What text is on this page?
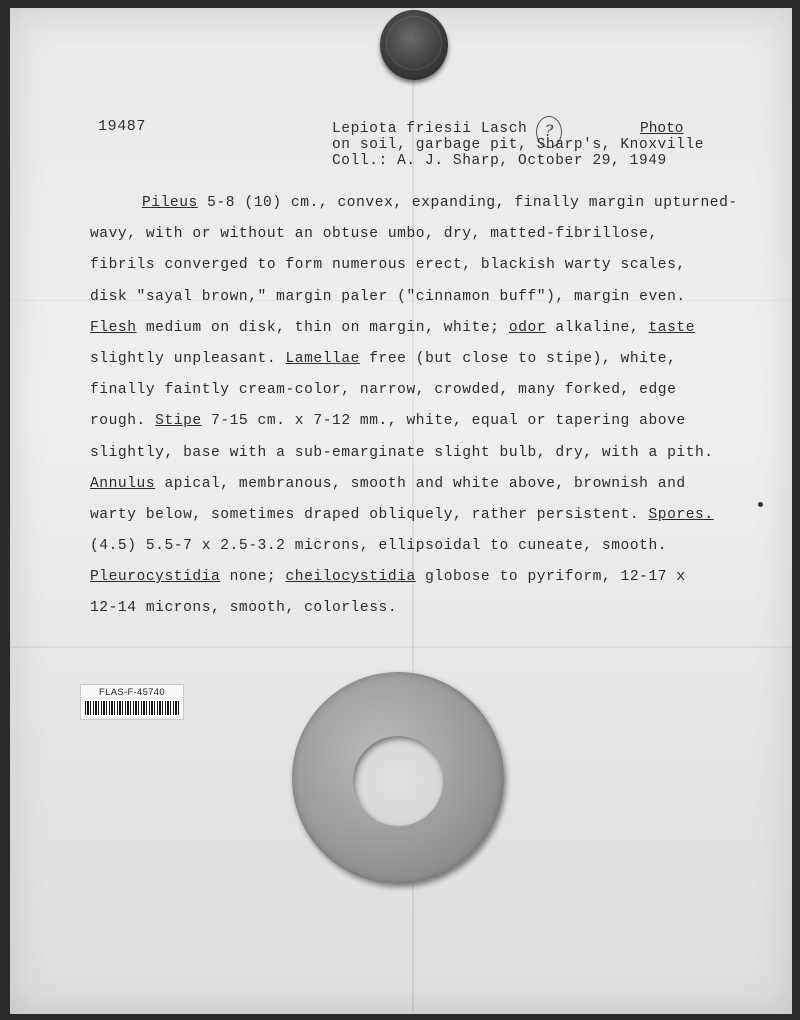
19487	Lepiota friesii Lasch	?	Photo
on soil, garbage pit, Sharp's, Knoxville
Coll.: A. J. Sharp, October 29, 1949
Pileus 5-8 (10) cm., convex, expanding, finally margin upturned-
wavy, with or without an obtuse umbo, dry, matted-fibrillose,
fibrils converged to form numerous erect, blackish warty scales,
disk "sayal brown," margin paler ("cinnamon buff"), margin even.
Flesh medium on disk, thin on margin, white; odor alkaline, taste
slightly unpleasant. Lamellae free (but close to stipe), white,
finally faintly cream-color, narrow, crowded, many forked, edge
rough. Stipe 7-15 cm. x 7-12 mm., white, equal or tapering above
slightly, base with a sub-emarginate slight bulb, dry, with a pith.
Annulus apical, membranous, smooth and white above, brownish and
warty below, sometimes draped obliquely, rather persistent. Spores.
(4.5) 5.5-7 x 2.5-3.2 microns, ellipsoidal to cuneate, smooth.
Pleurocystidia none; cheilocystidia globose to pyriform, 12-17 x
12-14 microns, smooth, colorless.
FLAS-F-45740
